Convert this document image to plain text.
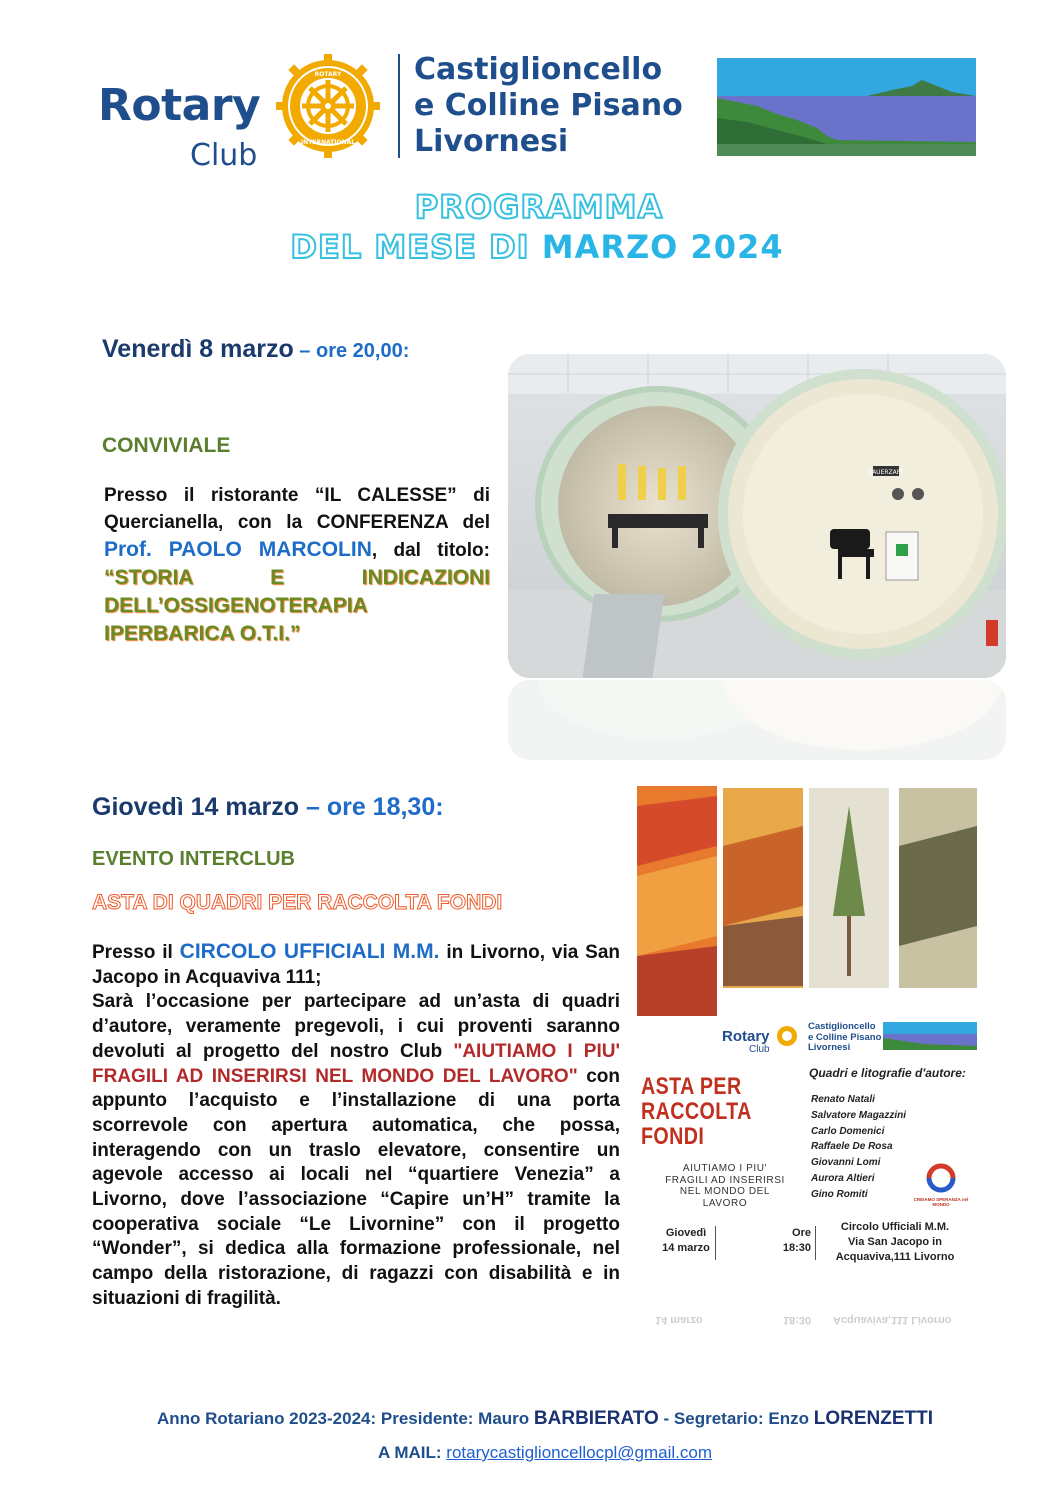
Rotary
Club
ROTARY
INTERNATIONAL
Castiglioncello
e Colline Pisano
Livornesi
PROGRAMMA
DEL MESE DI MARZO 2024
Venerdì 8 marzo – ore 20,00:
CONVIVIALE
Presso il ristorante “IL CALESSE” di Quercianella, con la CONFERENZA del Prof. PAOLO MARCOLIN, dal titolo: “STORIA E INDICAZIONI DELL’OSSIGENOTERAPIA IPERBARICA O.T.I.”
SAUERZAPF
Giovedì 14 marzo – ore 18,30:
EVENTO INTERCLUB
ASTA DI QUADRI PER RACCOLTA FONDI
Presso il CIRCOLO UFFICIALI M.M. in Livorno, via San Jacopo in Acquaviva 111;
Sarà l’occasione per partecipare ad un’asta di quadri d’autore, veramente pregevoli, i cui proventi saranno devoluti al progetto del nostro Club "AIUTIAMO I PIU' FRAGILI AD INSERIRSI NEL MONDO DEL LAVORO" con appunto l’acquisto e l’installazione di una porta scorrevole con apertura automatica, che possa, interagendo con un traslo elevatore, consentire un agevole accesso ai locali nel “quartiere Venezia” a Livorno, dove l’associazione “Capire un’H” tramite la cooperativa sociale “Le Livornine” con il progetto “Wonder”, si dedica alla formazione professionale, nel campo della ristorazione, di ragazzi con disabilità e in situazioni di fragilità.
Rotary
Club
Castiglioncello
e Colline Pisano
Livornesi
ASTA PER
RACCOLTA
FONDI
Quadri e litografie d'autore:
Renato Natali
Salvatore Magazzini
Carlo Domenici
Raffaele De Rosa
Giovanni Lomi
Aurora Altieri
Gino Romiti
AIUTIAMO I PIU'
FRAGILI AD INSERIRSI
NEL MONDO DEL
LAVORO	CREIAMO SPERANZA nel MONDO
Giovedì
14 marzo
Ore
18:30
Circolo Ufficiali M.M.
Via San Jacopo in
Acquaviva,111 Livorno
14 marzo	18:30 Acquaviva,111 Livorno
Anno Rotariano 2023-2024: Presidente: Mauro BARBIERATO - Segretario: Enzo LORENZETTI
A MAIL: rotarycastiglioncellocpl@gmail.com
